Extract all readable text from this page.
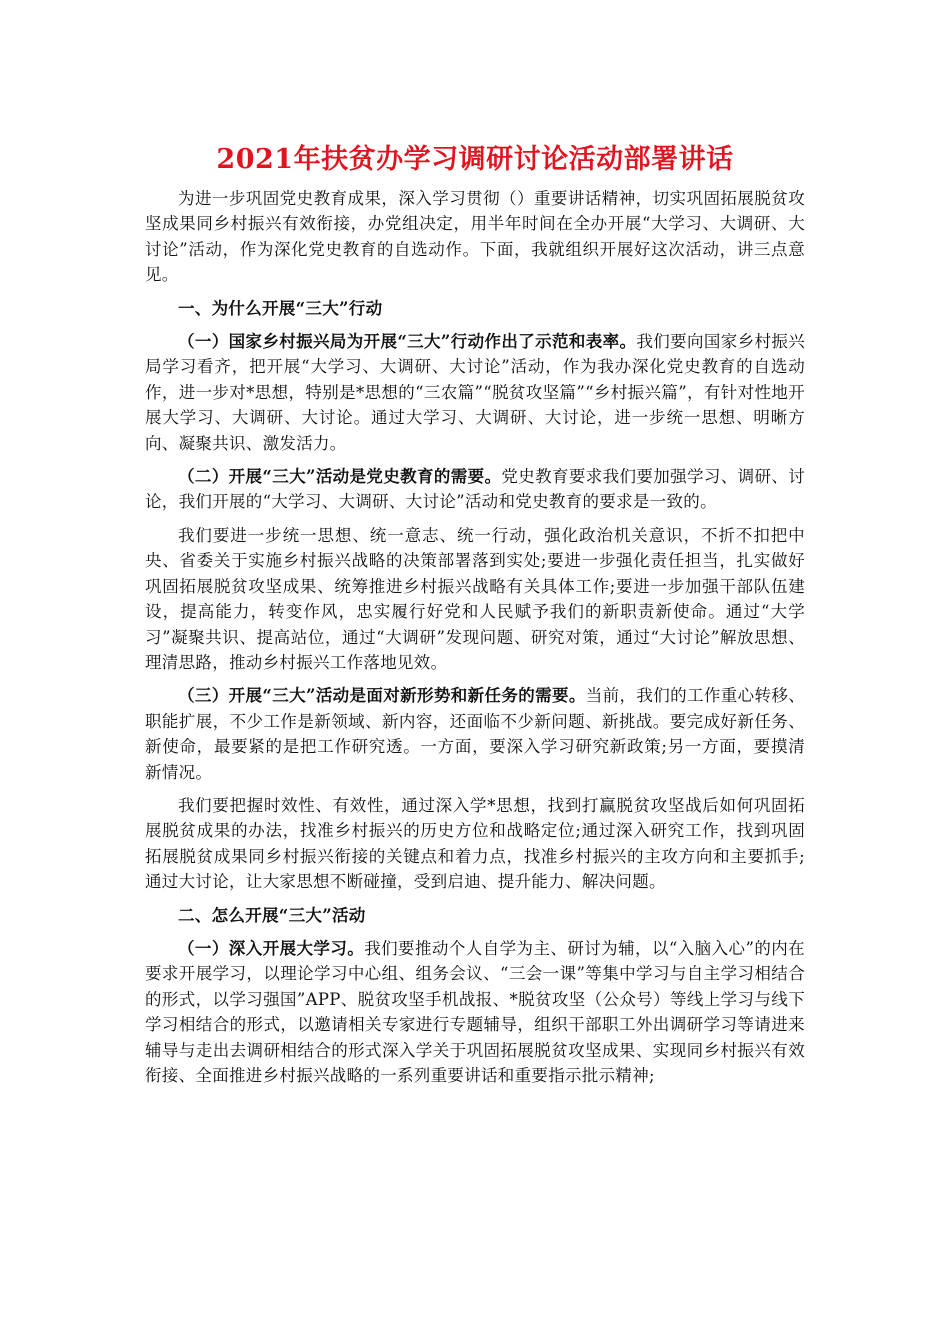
2021年扶贫办学习调研讨论活动部署讲话

为进一步巩固党史教育成果，深入学习贯彻（）重要讲话精神，切实巩固拓展脱贫攻坚成果同乡村振兴有效衔接，办党组决定，用半年时间在全办开展“大学习、大调研、大讨论”活动，作为深化党史教育的自选动作。下面，我就组织开展好这次活动，讲三点意见。

一、为什么开展“三大”行动

（一）国家乡村振兴局为开展“三大”行动作出了示范和表率。我们要向国家乡村振兴局学习看齐，把开展“大学习、大调研、大讨论”活动，作为我办深化党史教育的自选动作，进一步对*思想，特别是*思想的“三农篇”“脱贫攻坚篇”“乡村振兴篇”，有针对性地开展大学习、大调研、大讨论。通过大学习、大调研、大讨论，进一步统一思想、明晰方向、凝聚共识、激发活力。

（二）开展“三大”活动是党史教育的需要。党史教育要求我们要加强学习、调研、讨论，我们开展的“大学习、大调研、大讨论”活动和党史教育的要求是一致的。

我们要进一步统一思想、统一意志、统一行动，强化政治机关意识，不折不扣把中央、省委关于实施乡村振兴战略的决策部署落到实处;要进一步强化责任担当，扎实做好巩固拓展脱贫攻坚成果、统筹推进乡村振兴战略有关具体工作;要进一步加强干部队伍建设，提高能力，转变作风，忠实履行好党和人民赋予我们的新职责新使命。通过“大学习”凝聚共识、提高站位，通过“大调研”发现问题、研究对策，通过“大讨论”解放思想、理清思路，推动乡村振兴工作落地见效。

（三）开展“三大”活动是面对新形势和新任务的需要。当前，我们的工作重心转移、职能扩展，不少工作是新领域、新内容，还面临不少新问题、新挑战。要完成好新任务、新使命，最要紧的是把工作研究透。一方面，要深入学习研究新政策;另一方面，要摸清新情况。

我们要把握时效性、有效性，通过深入学*思想，找到打赢脱贫攻坚战后如何巩固拓展脱贫成果的办法，找准乡村振兴的历史方位和战略定位;通过深入研究工作，找到巩固拓展脱贫成果同乡村振兴衔接的关键点和着力点，找准乡村振兴的主攻方向和主要抓手;通过大讨论，让大家思想不断碰撞，受到启迪、提升能力、解决问题。

二、怎么开展“三大”活动

（一）深入开展大学习。我们要推动个人自学为主、研讨为辅，以“入脑入心”的内在要求开展学习，以理论学习中心组、组务会议、“三会一课”等集中学习与自主学习相结合的形式，以学习强国”APP、脱贫攻坚手机战报、*脱贫攻坚（公众号）等线上学习与线下学习相结合的形式，以邀请相关专家进行专题辅导，组织干部职工外出调研学习等请进来辅导与走出去调研相结合的形式深入学关于巩固拓展脱贫攻坚成果、实现同乡村振兴有效衔接、全面推进乡村振兴战略的一系列重要讲话和重要指示批示精神;
